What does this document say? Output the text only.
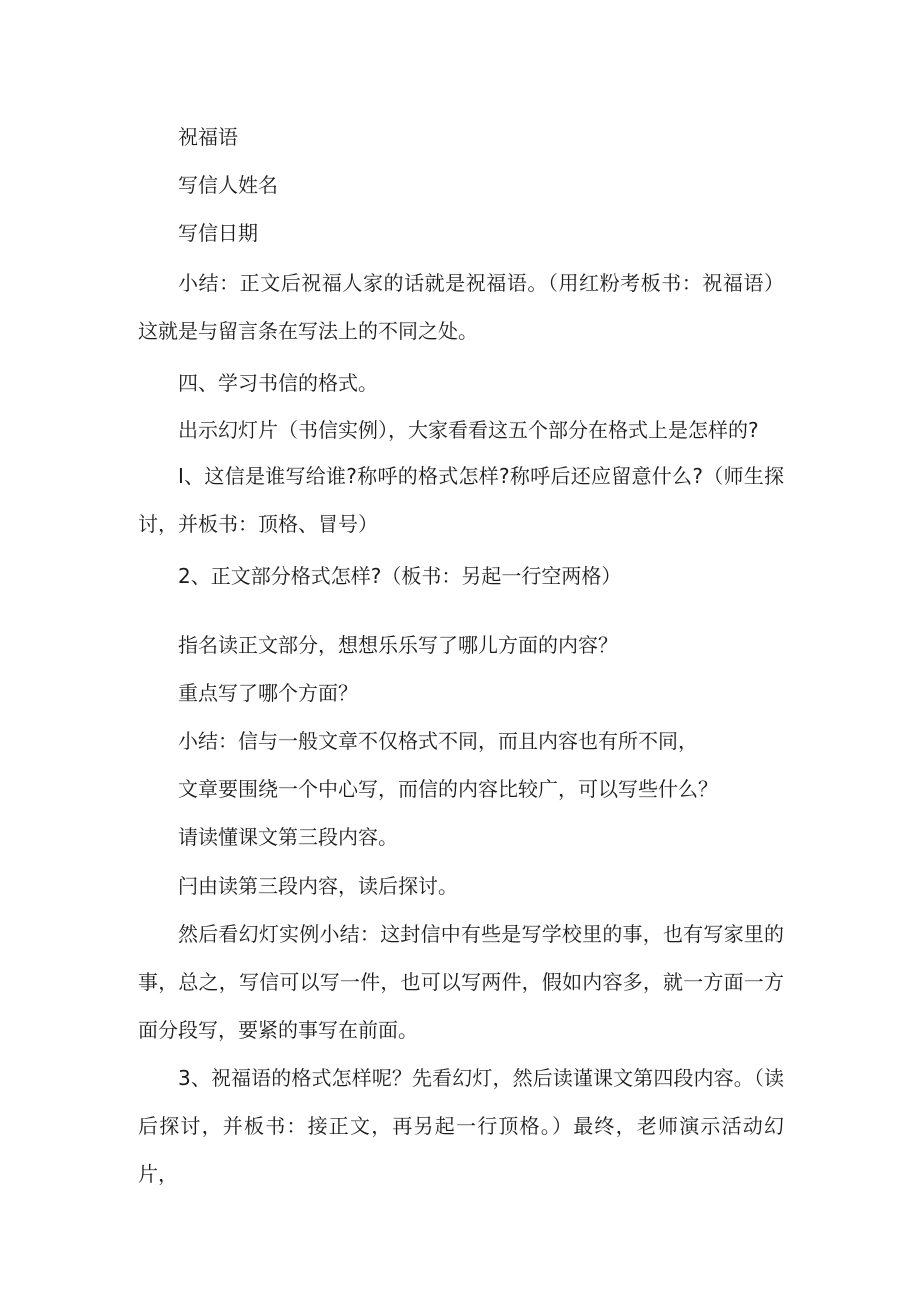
祝福语

写信人姓名

写信日期

小结：正文后祝福人家的话就是祝福语。（用红粉考板书：祝福语）这就是与留言条在写法上的不同之处。

四、学习书信的格式。

出示幻灯片（书信实例），大家看看这五个部分在格式上是怎样的?

I、这信是谁写给谁?称呼的格式怎样?称呼后还应留意什么?（师生探讨，并板书：顶格、冒号）

2、正文部分格式怎样?（板书：另起一行空两格）

指名读正文部分，想想乐乐写了哪儿方面的内容？

重点写了哪个方面？

小结：信与一般文章不仅格式不同，而且内容也有所不同，

文章要围绕一个中心写，而信的内容比较广，可以写些什么？

请读懂课文第三段内容。

闩由读第三段内容，读后探讨。

然后看幻灯实例小结：这封信中有些是写学校里的事，也有写家里的事，总之，写信可以写一件，也可以写两件，假如内容多，就一方面一方面分段写，要紧的事写在前面。

3、祝福语的格式怎样呢？先看幻灯，然后读谨课文第四段内容。（读后探讨，并板书：接正文，再另起一行顶格。）最终，老师演示活动幻片，
